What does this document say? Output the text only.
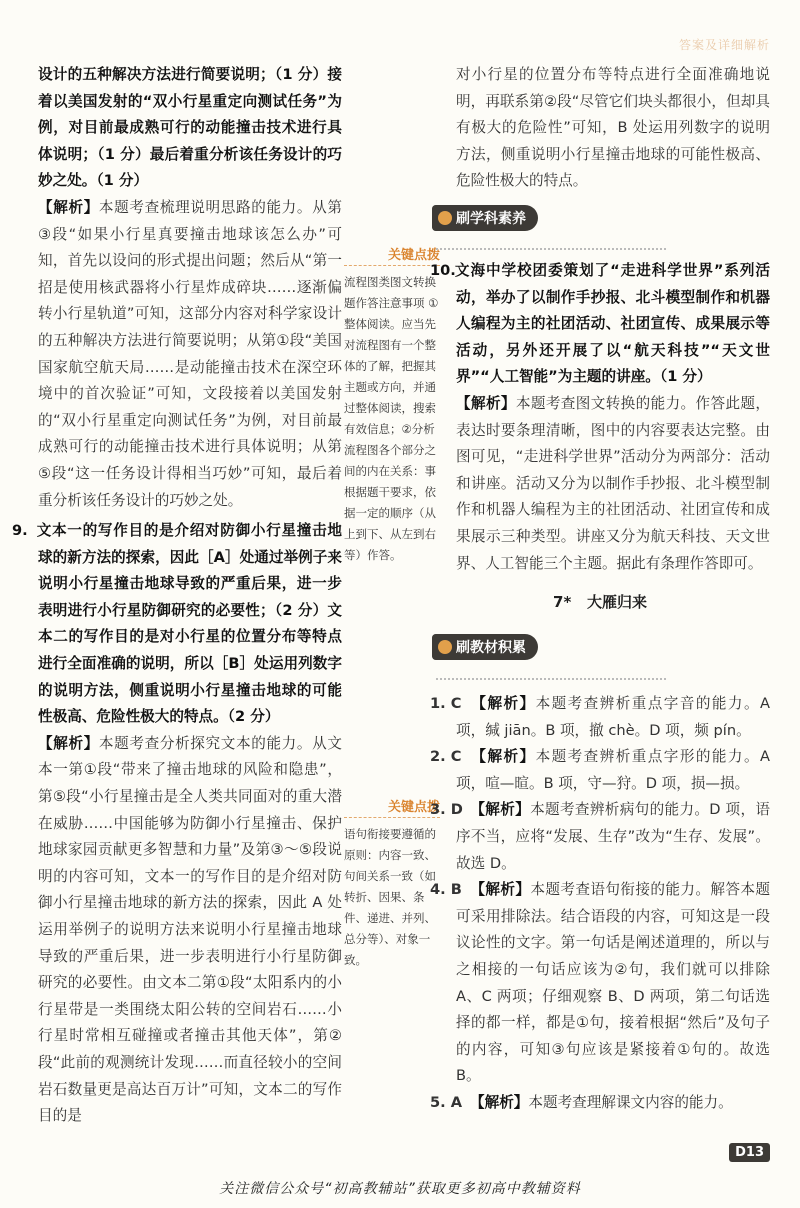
答案及详细解析

设计的五种解决方法进行简要说明；（1 分）接着以美国发射的“双小行星重定向测试任务”为例，对目前最成熟可行的动能撞击技术进行具体说明；（1 分）最后着重分析该任务设计的巧妙之处。（1 分）

【解析】本题考查梳理说明思路的能力。从第③段“如果小行星真要撞击地球该怎么办”可知，首先以设问的形式提出问题；然后从“第一招是使用核武器将小行星炸成碎块……逐渐偏转小行星轨道”可知，这部分内容对科学家设计的五种解决方法进行简要说明；从第①段“美国国家航空航天局……是动能撞击技术在深空环境中的首次验证”可知，文段接着以美国发射的“双小行星重定向测试任务”为例，对目前最成熟可行的动能撞击技术进行具体说明；从第⑤段“这一任务设计得相当巧妙”可知，最后着重分析该任务设计的巧妙之处。

9. 文本一的写作目的是介绍对防御小行星撞击地球的新方法的探索，因此［A］处通过举例子来说明小行星撞击地球导致的严重后果，进一步表明进行小行星防御研究的必要性；（2 分）文本二的写作目的是对小行星的位置分布等特点进行全面准确的说明，所以［B］处运用列数字的说明方法，侧重说明小行星撞击地球的可能性极高、危险性极大的特点。（2 分）

【解析】本题考查分析探究文本的能力。从文本一第①段“带来了撞击地球的风险和隐患”，第⑤段“小行星撞击是全人类共同面对的重大潜在威胁……中国能够为防御小行星撞击、保护地球家园贡献更多智慧和力量”及第③～⑤段说明的内容可知，文本一的写作目的是介绍对防御小行星撞击地球的新方法的探索，因此 A 处运用举例子的说明方法来说明小行星撞击地球导致的严重后果，进一步表明进行小行星防御研究的必要性。由文本二第①段“太阳系内的小行星带是一类围绕太阳公转的空间岩石……小行星时常相互碰撞或者撞击其他天体”，第②段“此前的观测统计发现……而直径较小的空间岩石数量更是高达百万计”可知，文本二的写作目的是

关键点拨
流程图类图文转换题作答注意事项 ①整体阅读。应当先对流程图有一个整体的了解，把握其主题或方向，并通过整体阅读，搜索有效信息；②分析流程图各个部分之间的内在关系：事根据题干要求，依据一定的顺序（从上到下、从左到右等）作答。
关键点拨
语句衔接要遵循的原则：内容一致、句间关系一致（如转折、因果、条件、递进、并列、总分等）、对象一致。

对小行星的位置分布等特点进行全面准确地说明，再联系第②段“尽管它们块头都很小，但却具有极大的危险性”可知，B 处运用列数字的说明方法，侧重说明小行星撞击地球的可能性极高、危险性极大的特点。

刷学科素养

10.文海中学校团委策划了“走进科学世界”系列活动，举办了以制作手抄报、北斗模型制作和机器人编程为主的社团活动、社团宣传、成果展示等活动，另外还开展了以“航天科技”“天文世界”“人工智能”为主题的讲座。（1 分）

【解析】本题考查图文转换的能力。作答此题，表达时要条理清晰，图中的内容要表达完整。由图可见，“走进科学世界”活动分为两部分：活动和讲座。活动又分为以制作手抄报、北斗模型制作和机器人编程为主的社团活动、社团宣传和成果展示三种类型。讲座又分为航天科技、天文世界、人工智能三个主题。据此有条理作答即可。

7* 大雁归来
刷教材积累

1. C 【解析】本题考查辨析重点字音的能力。A 项，缄 jiān。B 项，撤 chè。D 项，频 pín。

2. C 【解析】本题考查辨析重点字形的能力。A 项，喧—暄。B 项，守—狩。D 项，损—损。

3. D 【解析】本题考查辨析病句的能力。D 项，语序不当，应将“发展、生存”改为“生存、发展”。故选 D。

4. B 【解析】本题考查语句衔接的能力。解答本题可采用排除法。结合语段的内容，可知这是一段议论性的文字。第一句话是阐述道理的，所以与之相接的一句话应该为②句，我们就可以排除 A、C 两项；仔细观察 B、D 两项，第二句话选择的都一样，都是①句，接着根据“然后”及句子的内容，可知③句应该是紧接着①句的。故选 B。

5. A 【解析】本题考查理解课文内容的能力。

D13
关注微信公众号“初高教辅站”获取更多初高中教辅资料
